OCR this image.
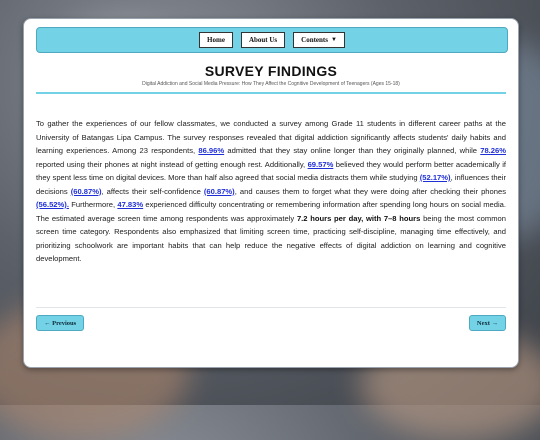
Home	About Us	Contents ▼
SURVEY FINDINGS
Digital Addiction and Social Media Pressure: How They Affect the Cognitive Development of Teenagers (Ages 15-18)
To gather the experiences of our fellow classmates, we conducted a survey among Grade 11 students in different career paths at the University of Batangas Lipa Campus. The survey responses revealed that digital addiction significantly affects students' daily habits and learning experiences. Among 23 respondents, 86.96% admitted that they stay online longer than they originally planned, while 78.26% reported using their phones at night instead of getting enough rest. Additionally, 69.57% believed they would perform better academically if they spent less time on digital devices. More than half also agreed that social media distracts them while studying (52.17%), influences their decisions (60.87%), affects their self-confidence (60.87%), and causes them to forget what they were doing after checking their phones (56.52%). Furthermore, 47.83% experienced difficulty concentrating or remembering information after spending long hours on social media. The estimated average screen time among respondents was approximately 7.2 hours per day, with 7–8 hours being the most common screen time category. Respondents also emphasized that limiting screen time, practicing self-discipline, managing time effectively, and prioritizing schoolwork are important habits that can help reduce the negative effects of digital addiction on learning and cognitive development.
← Previous	Next →
